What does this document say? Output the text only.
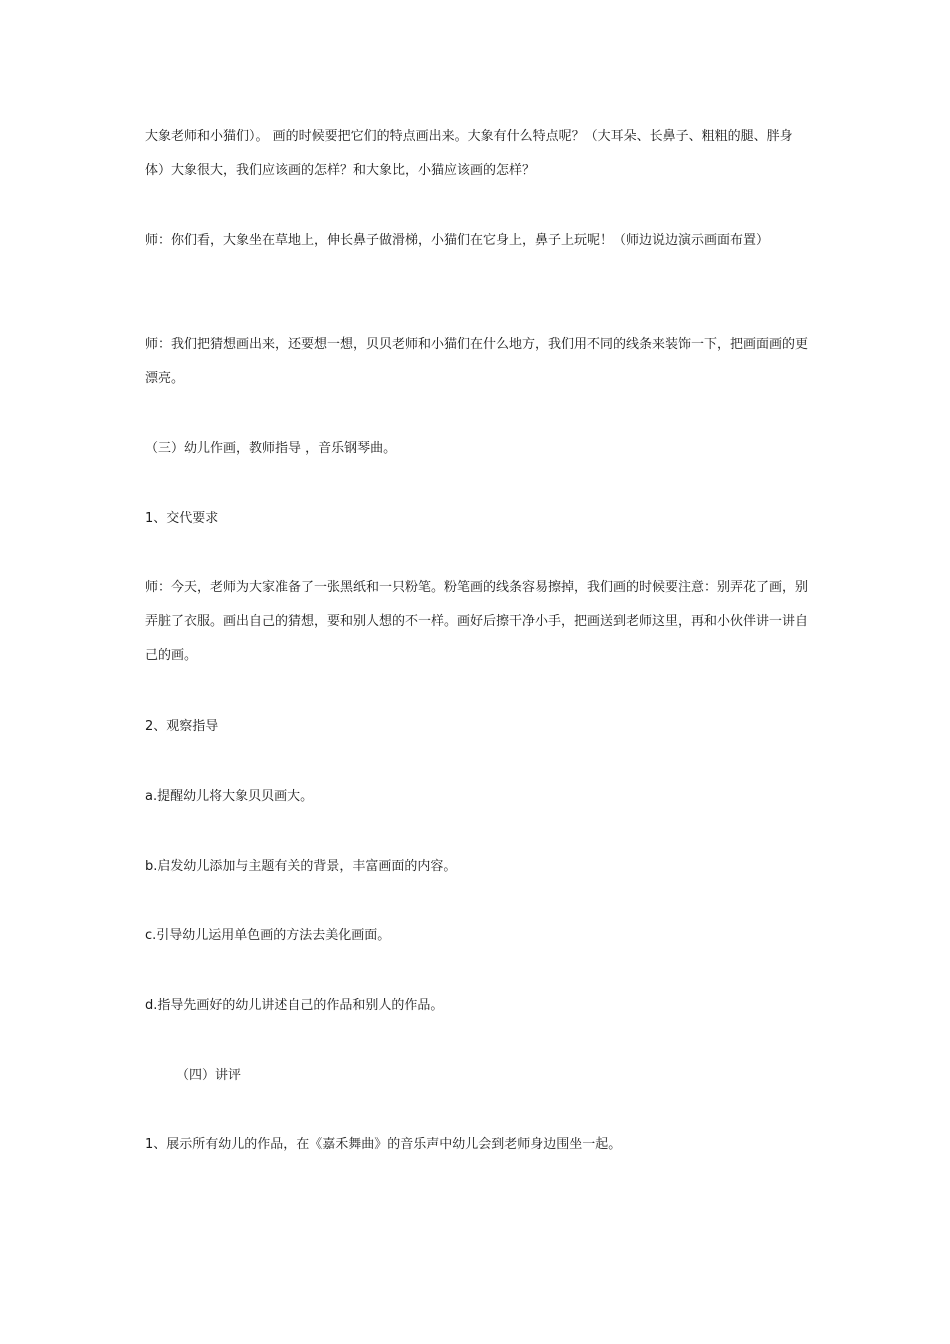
大象老师和小猫们）。 画的时候要把它们的特点画出来。大象有什么特点呢？（大耳朵、长鼻子、粗粗的腿、胖身体）大象很大，我们应该画的怎样？和大象比，小猫应该画的怎样？

师：你们看，大象坐在草地上，伸长鼻子做滑梯，小猫们在它身上，鼻子上玩呢！（师边说边演示画面布置）

师：我们把猜想画出来，还要想一想，贝贝老师和小猫们在什么地方，我们用不同的线条来装饰一下，把画面画的更漂亮。

（三）幼儿作画，教师指导 ，音乐钢琴曲。

1、交代要求

师：今天，老师为大家准备了一张黑纸和一只粉笔。粉笔画的线条容易擦掉，我们画的时候要注意：别弄花了画，别弄脏了衣服。画出自己的猜想，要和别人想的不一样。画好后擦干净小手，把画送到老师这里，再和小伙伴讲一讲自己的画。

2、观察指导

a.提醒幼儿将大象贝贝画大。

b.启发幼儿添加与主题有关的背景，丰富画面的内容。

c.引导幼儿运用单色画的方法去美化画面。

d.指导先画好的幼儿讲述自己的作品和别人的作品。

（四）讲评

1、展示所有幼儿的作品，在《嘉禾舞曲》的音乐声中幼儿会到老师身边围坐一起。
